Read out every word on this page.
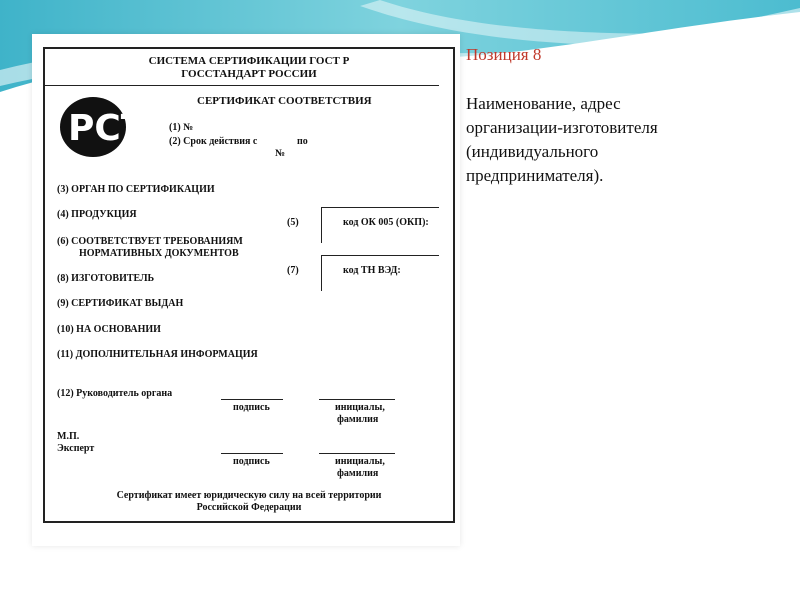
СИСТЕМА СЕРТИФИКАЦИИ ГОСТ Р
ГОССТАНДАРТ РОССИИ
СЕРТИФИКАТ СООТВЕТСТВИЯ
РСТ (1) №
(2) Срок действия с	по
№
(3) ОРГАН ПО СЕРТИФИКАЦИИ
(4) ПРОДУКЦИЯ
(5)	код ОК 005 (ОКП):
(6) СООТВЕТСТВУЕТ ТРЕБОВАНИЯМ
НОРМАТИВНЫХ ДОКУМЕНТОВ
(7)	код ТН ВЭД:
(8) ИЗГОТОВИТЕЛЬ
(9) СЕРТИФИКАТ ВЫДАН
(10) НА ОСНОВАНИИ
(11) ДОПОЛНИТЕЛЬНАЯ ИНФОРМАЦИЯ
(12) Руководитель органа
подпись	инициалы,
фамилия
М.П.
Эксперт
подпись	инициалы,
фамилия
Сертификат имеет юридическую силу на всей территории
Российской Федерации
Позиция 8
Наименование, адрес
организации-изготовителя
(индивидуального
предпринимателя).
